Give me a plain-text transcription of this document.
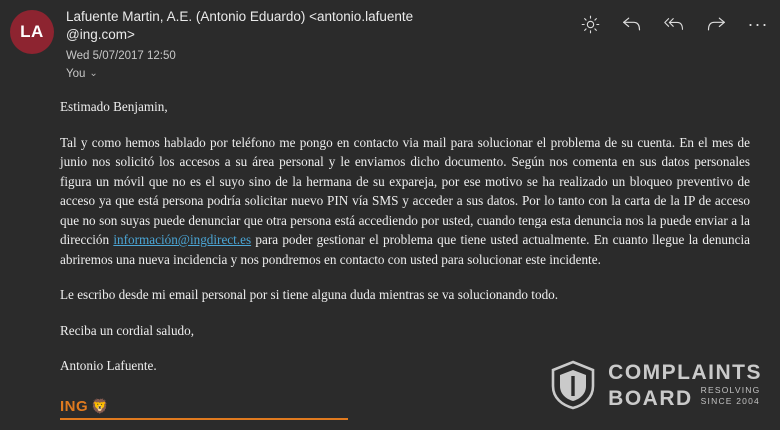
LA
Lafuente Martin, A.E. (Antonio Eduardo) <antonio.lafuente
@ing.com>
Wed 5/07/2017 12:50
You ⌄
···

Estimado Benjamin,

Tal y como hemos hablado por teléfono me pongo en contacto via mail para solucionar el problema de su cuenta. En el mes de junio nos solicitó los accesos a su área personal y le enviamos dicho documento. Según nos comenta en sus datos personales figura un móvil que no es el suyo sino de la hermana de su expareja, por ese motivo se ha realizado un bloqueo preventivo de acceso ya que está persona podría solicitar nuevo PIN vía SMS y acceder a sus datos. Por lo tanto con la carta de la IP de acceso que no son suyas puede denunciar que otra persona está accediendo por usted, cuando tenga esta denuncia nos la puede enviar a la dirección información@ingdirect.es para poder gestionar el problema que tiene usted actualmente. En cuanto llegue la denuncia abriremos una nueva incidencia y nos pondremos en contacto con usted para solucionar este incidente.

Le escribo desde mi email personal por si tiene alguna duda mientras se va solucionando todo.

Reciba un cordial saludo,

Antonio Lafuente.

ING 🦁
COMPLAINTS
BOARD RESOLVING
SINCE 2004
